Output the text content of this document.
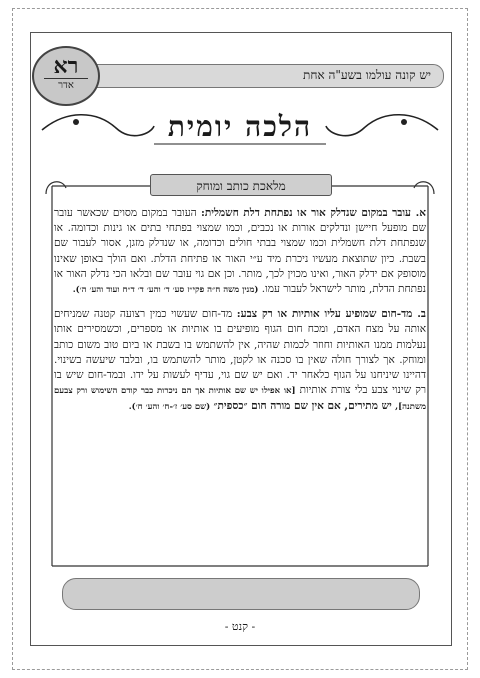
יש קונה עולמו בשע"ה אחת
רא
אדר
הלכה יומית
מלאכת כותב ומוחק

א. עובר במקום שנדלק אור או נפתחת דלת חשמלית: העובר במקום מסוים שכאשר עובר שם מופעל חיישן ונדלקים אורות או נכבים, וכמו שמצוי בפתחי בתים או גינות וכדומה. או שנפתחת דלת חשמלית וכמו שמצוי בבתי חולים וכדומה, או שנדלק מזגן, אסור לעבור שם בשבת. כיון שתוצאת מעשיו ניכרת מיד ע״י האור או פתיחת הדלת. ואם הולך באופן שאינו מוסופק אם ידלק האור, ואינו מכוין לכך, מותר. וכן אם גוי עובר שם ובלאו הכי נדלק האור או נפתחת הדלת, מותר לישראל לעבור עמו. (מנין משה ח״ה פקי״ז סע׳ ד׳ והע׳ ד׳ ד״ח ועוד והע׳ ה׳).

ב. מד-חום שמופיע עליו אותיות או רק צבע: מד-חום שעשוי כמין רצועה קטנה שמניחים אותה על מצח האדם, ומכח חום הגוף מופיעים בו אותיות או מספרים, וכשמסירים אותו נעלמות ממנו האותיות וחוזר לכמות שהיה, אין להשתמש בו בשבת או ביום טוב משום כותב ומוחק. אך לצורך חולה שאין בו סכנה או לקטן, מותר להשתמש בו, ובלבד שיעשה בשינוי. דהיינו שיניחנו על הגוף כלאחר יד. ואם יש שם גוי, עדיף לעשות על ידו. ובמד-חום שיש בו רק שינוי צבע בלי צורת אותיות [או אפילו יש שם אותיות אך הם ניכרות כבר קודם השימוש ורק צבעם משתנה], יש מתירים, אם אין שם מורה חום ״כספית״ (שם סע׳ ז׳-ח׳ והע׳ ח׳).

- קנט -
